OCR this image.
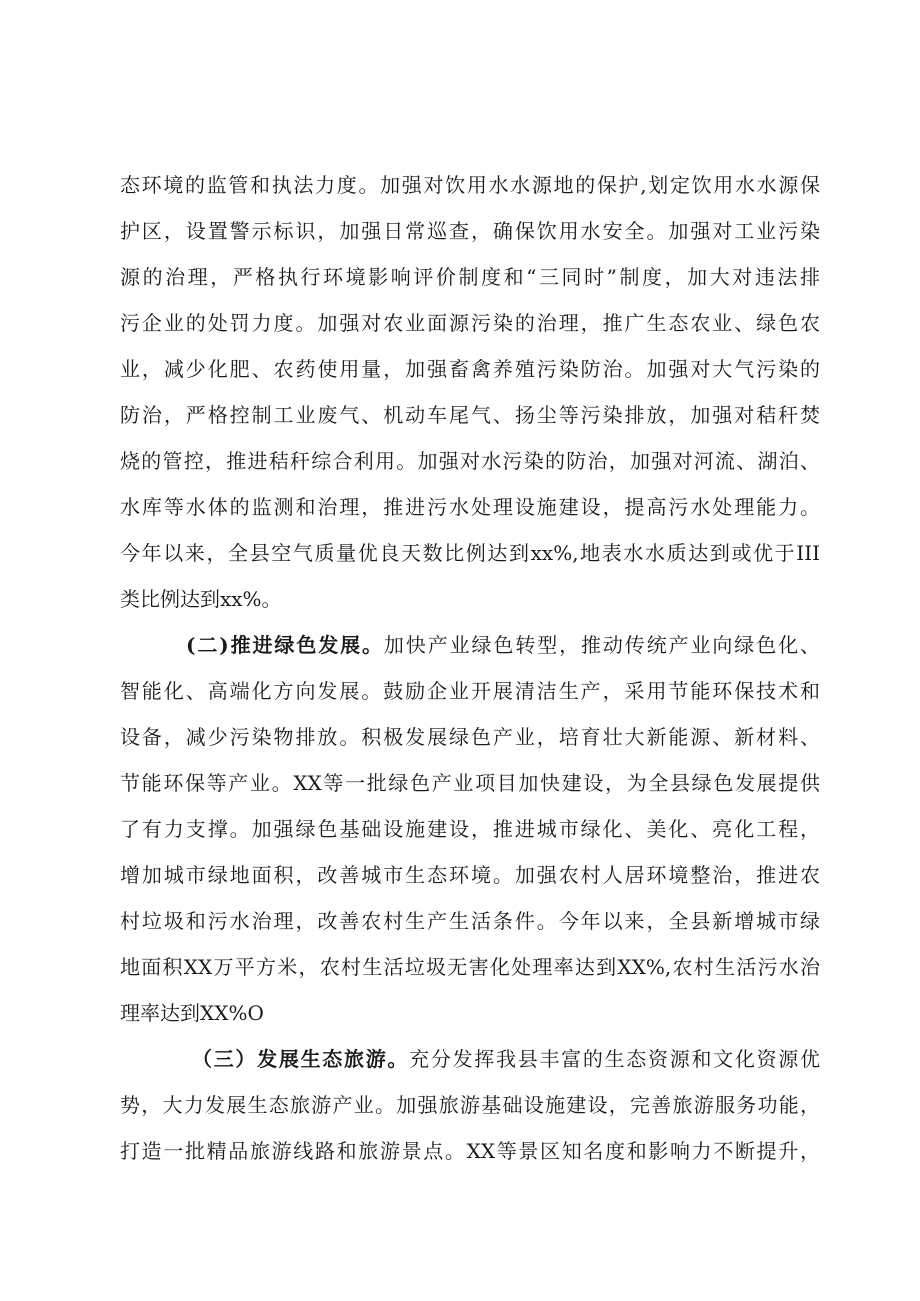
态环境的监管和执法力度。加强对饮用水水源地的保护,划定饮用水水源保
护区，设置警示标识，加强日常巡查，确保饮用水安全。加强对工业污染
源的治理，严格执行环境影响评价制度和“三同时”制度，加大对违法排
污企业的处罚力度。加强对农业面源污染的治理，推广生态农业、绿色农
业，减少化肥、农药使用量，加强畜禽养殖污染防治。加强对大气污染的
防治，严格控制工业废气、机动车尾气、扬尘等污染排放，加强对秸秆焚
烧的管控，推进秸秆综合利用。加强对水污染的防治，加强对河流、湖泊、
水库等水体的监测和治理，推进污水处理设施建设，提高污水处理能力。
今年以来，全县空气质量优良天数比例达到xx%,地表水水质达到或优于III
类比例达到xx%。
(二)推进绿色发展。加快产业绿色转型，推动传统产业向绿色化、
智能化、高端化方向发展。鼓励企业开展清洁生产，采用节能环保技术和
设备，减少污染物排放。积极发展绿色产业，培育壮大新能源、新材料、
节能环保等产业。XX等一批绿色产业项目加快建设，为全县绿色发展提供
了有力支撑。加强绿色基础设施建设，推进城市绿化、美化、亮化工程，
增加城市绿地面积，改善城市生态环境。加强农村人居环境整治，推进农
村垃圾和污水治理，改善农村生产生活条件。今年以来，全县新增城市绿
地面积XX万平方米，农村生活垃圾无害化处理率达到XX%,农村生活污水治
理率达到XX%O
（三）发展生态旅游。充分发挥我县丰富的生态资源和文化资源优
势，大力发展生态旅游产业。加强旅游基础设施建设，完善旅游服务功能，
打造一批精品旅游线路和旅游景点。XX等景区知名度和影响力不断提升，
